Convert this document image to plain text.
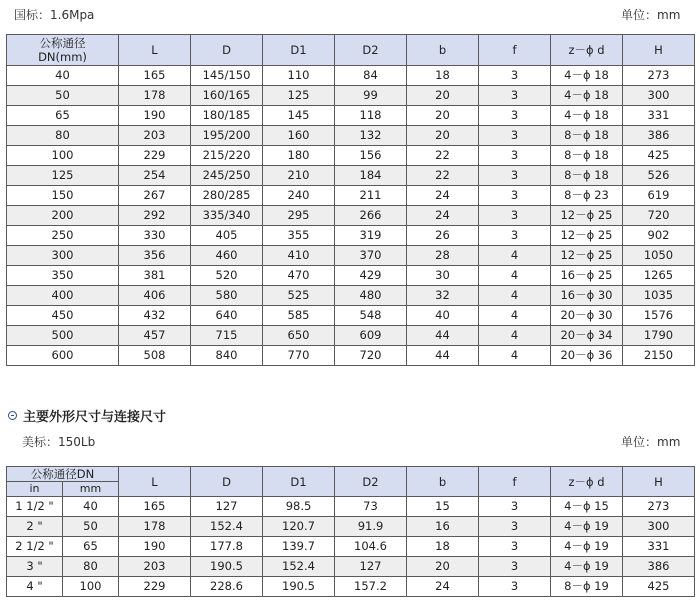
国标：1.6Mpa	单位：mm
公称通径
DN(mm)	L	D	D1	D2	b	f	z－ϕ d	H
40	165	145/150	110	84	18	3	4－ϕ 18	273
50	178	160/165	125	99	20	3	4－ϕ 18	300
65	190	180/185	145	118	20	3	4－ϕ 18	331
80	203	195/200	160	132	20	3	8－ϕ 18	386
100	229	215/220	180	156	22	3	8－ϕ 18	425
125	254	245/250	210	184	22	3	8－ϕ 18	526
150	267	280/285	240	211	24	3	8－ϕ 23	619
200	292	335/340	295	266	24	3	12－ϕ 25	720
250	330	405	355	319	26	3	12－ϕ 25	902
300	356	460	410	370	28	4	12－ϕ 25	1050
350	381	520	470	429	30	4	16－ϕ 25	1265
400	406	580	525	480	32	4	16－ϕ 30	1035
450	432	640	585	548	40	4	20－ϕ 30	1576
500	457	715	650	609	44	4	20－ϕ 34	1790
600	508	840	770	720	44	4	20－ϕ 36	2150
主要外形尺寸与连接尺寸
美标：150Lb	单位：mm
公称通径DN		L	D	D1	D2	b	f	z－ϕ d	H
in	mm								
1 1/2 "	40	165	127	98.5	73	15	3	4－ϕ 15	273
2 "	50	178	152.4	120.7	91.9	16	3	4－ϕ 19	300
2 1/2 "	65	190	177.8	139.7	104.6	18	3	4－ϕ 19	331
3 "	80	203	190.5	152.4	127	20	3	4－ϕ 19	386
4 "	100	229	228.6	190.5	157.2	24	3	8－ϕ 19	425
